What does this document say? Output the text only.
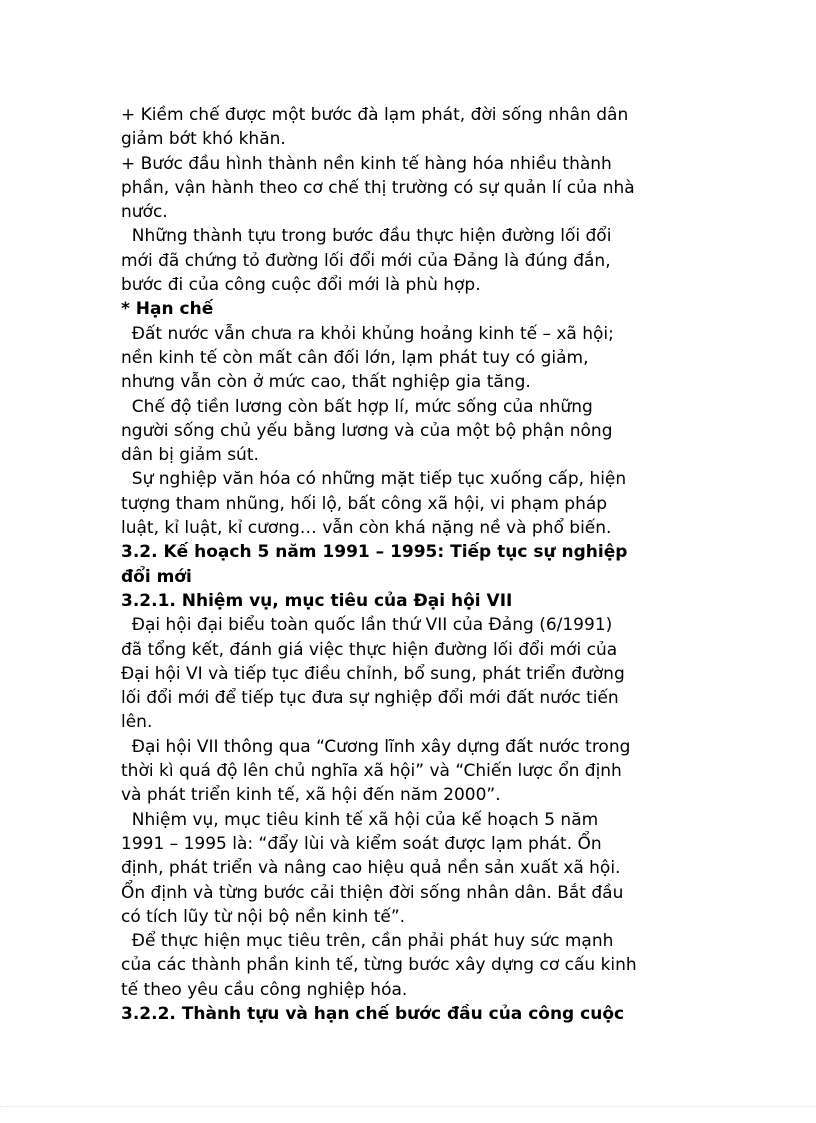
+ Kiềm chế được một bước đà lạm phát, đời sống nhân dân
giảm bớt khó khăn.
+ Bước đầu hình thành nền kinh tế hàng hóa nhiều thành
phần, vận hành theo cơ chế thị trường có sự quản lí của nhà
nước.
Những thành tựu trong bước đầu thực hiện đường lối đổi
mới đã chứng tỏ đường lối đổi mới của Đảng là đúng đắn,
bước đi của công cuộc đổi mới là phù hợp.
* Hạn chế
Đất nước vẫn chưa ra khỏi khủng hoảng kinh tế – xã hội;
nền kinh tế còn mất cân đối lớn, lạm phát tuy có giảm,
nhưng vẫn còn ở mức cao, thất nghiệp gia tăng.
Chế độ tiền lương còn bất hợp lí, mức sống của những
người sống chủ yếu bằng lương và của một bộ phận nông
dân bị giảm sút.
Sự nghiệp văn hóa có những mặt tiếp tục xuống cấp, hiện
tượng tham nhũng, hối lộ, bất công xã hội, vi phạm pháp
luật, kỉ luật, kỉ cương… vẫn còn khá nặng nề và phổ biến.
3.2. Kế hoạch 5 năm 1991 – 1995: Tiếp tục sự nghiệp
đổi mới
3.2.1. Nhiệm vụ, mục tiêu của Đại hội VII
Đại hội đại biểu toàn quốc lần thứ VII của Đảng (6/1991)
đã tổng kết, đánh giá việc thực hiện đường lối đổi mới của
Đại hội VI và tiếp tục điều chỉnh, bổ sung, phát triển đường
lối đổi mới để tiếp tục đưa sự nghiệp đổi mới đất nước tiến
lên.
Đại hội VII thông qua “Cương lĩnh xây dựng đất nước trong
thời kì quá độ lên chủ nghĩa xã hội” và “Chiến lược ổn định
và phát triển kinh tế, xã hội đến năm 2000”.
Nhiệm vụ, mục tiêu kinh tế xã hội của kế hoạch 5 năm
1991 – 1995 là: “đẩy lùi và kiểm soát được lạm phát. Ổn
định, phát triển và nâng cao hiệu quả nền sản xuất xã hội.
Ổn định và từng bước cải thiện đời sống nhân dân. Bắt đầu
có tích lũy từ nội bộ nền kinh tế”.
Để thực hiện mục tiêu trên, cần phải phát huy sức mạnh
của các thành phần kinh tế, từng bước xây dựng cơ cấu kinh
tế theo yêu cầu công nghiệp hóa.
3.2.2. Thành tựu và hạn chế bước đầu của công cuộc
